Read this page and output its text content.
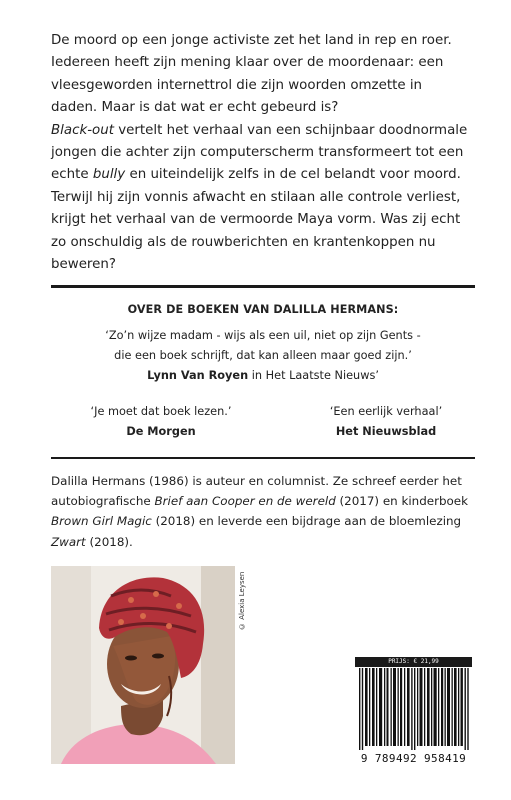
De moord op een jonge activiste zet het land in rep en roer. Iedereen heeft zijn mening klaar over de moordenaar: een vleesgeworden internettrol die zijn woorden omzette in daden. Maar is dat wat er echt gebeurd is?

Black-out vertelt het verhaal van een schijnbaar doodnormale jongen die achter zijn computerscherm transformeert tot een echte bully en uiteindelijk zelfs in de cel belandt voor moord. Terwijl hij zijn vonnis afwacht en stilaan alle controle verliest, krijgt het verhaal van de vermoorde Maya vorm. Was zij echt zo onschuldig als de rouwberichten en krantenkoppen nu beweren?

OVER DE BOEKEN VAN DALILLA HERMANS:

‘Zo’n wijze madam - wijs als een uil, niet op zijn Gents -

die een boek schrijft, dat kan alleen maar goed zijn.’

Lynn Van Royen in Het Laatste Nieuws’

‘Je moet dat boek lezen.’

De Morgen

‘Een eerlijk verhaal’

Het Nieuwsblad

Dalilla Hermans (1986) is auteur en columnist. Ze schreef eerder het autobiografische Brief aan Cooper en de wereld (2017) en kinderboek Brown Girl Magic (2018) en leverde een bijdrage aan de bloemlezing Zwart (2018).

© Alexia Leysen
PRIJS: € 21,99
9 789492 958419
